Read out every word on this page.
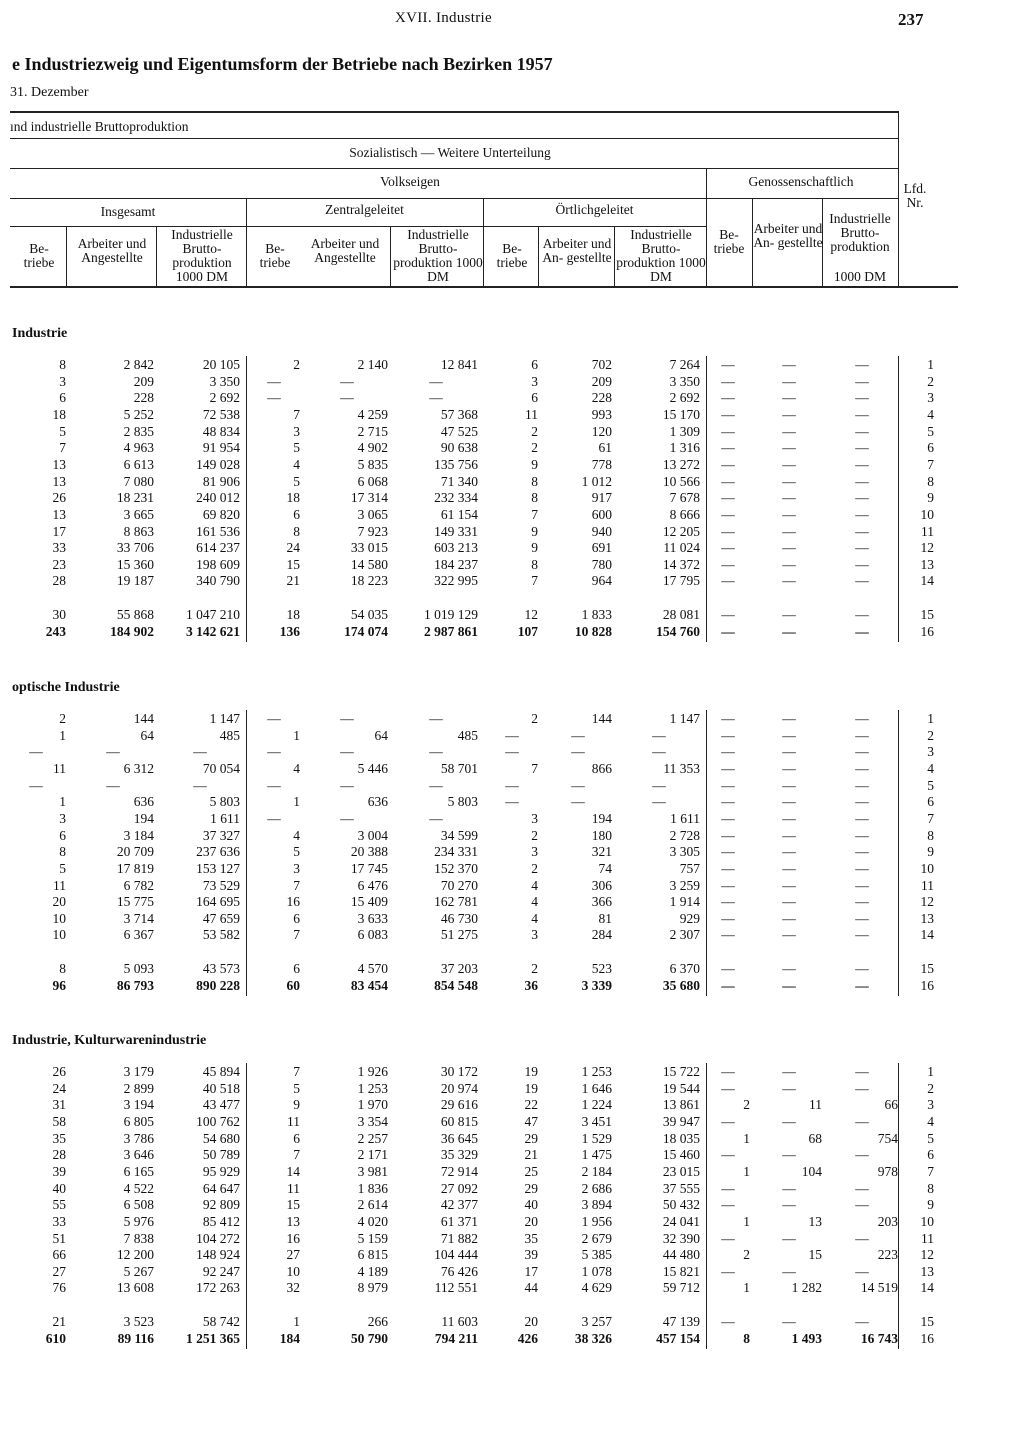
XVII. Industrie	237
e Industriezweig und Eigentumsform der Betriebe nach Bezirken 1957
31. Dezember
ınd industrielle Bruttoproduktion
Sozialistisch — Weitere Unterteilung
Volkseigen	Genossenschaftlich
Insgesamt	Zentralgeleitet	Örtlichgeleitet
Lfd. Nr.
Be- triebe
Arbeiter und Angestellte
Industrielle Brutto- produktion 1000 DM
Be- triebe
Arbeiter und Angestellte
Industrielle Brutto- produktion 1000 DM
Be- triebe
Arbeiter und An- gestellte
Industrielle Brutto- produktion 1000 DM
Be- triebe
Arbeiter und An- gestellte
Industrielle Brutto- produktion
1000 DM
Industrie
8	2 842	20 105	2	2 140	12 841	6	702	7 264	—	—	—	1
3	209	3 350	—	—	—	3	209	3 350	—	—	—	2
6	228	2 692	—	—	—	6	228	2 692	—	—	—	3
18	5 252	72 538	7	4 259	57 368	11	993	15 170	—	—	—	4
5	2 835	48 834	3	2 715	47 525	2	120	1 309	—	—	—	5
7	4 963	91 954	5	4 902	90 638	2	61	1 316	—	—	—	6
13	6 613	149 028	4	5 835	135 756	9	778	13 272	—	—	—	7
13	7 080	81 906	5	6 068	71 340	8	1 012	10 566	—	—	—	8
26	18 231	240 012	18	17 314	232 334	8	917	7 678	—	—	—	9
13	3 665	69 820	6	3 065	61 154	7	600	8 666	—	—	—	10
17	8 863	161 536	8	7 923	149 331	9	940	12 205	—	—	—	11
33	33 706	614 237	24	33 015	603 213	9	691	11 024	—	—	—	12
23	15 360	198 609	15	14 580	184 237	8	780	14 372	—	—	—	13
28	19 187	340 790	21	18 223	322 995	7	964	17 795	—	—	—	14
30	55 868	1 047 210	18	54 035	1 019 129	12	1 833	28 081	—	—	—	15
243	184 902	3 142 621	136	174 074	2 987 861	107	10 828	154 760	—	—	—	16
optische Industrie
2	144	1 147	—	—	—	2	144	1 147	—	—	—	1
1	64	485	1	64	485	—	—	—	—	—	—	2
—	—	—	—	—	—	—	—	—	—	—	—	3
11	6 312	70 054	4	5 446	58 701	7	866	11 353	—	—	—	4
—	—	—	—	—	—	—	—	—	—	—	—	5
1	636	5 803	1	636	5 803	—	—	—	—	—	—	6
3	194	1 611	—	—	—	3	194	1 611	—	—	—	7
6	3 184	37 327	4	3 004	34 599	2	180	2 728	—	—	—	8
8	20 709	237 636	5	20 388	234 331	3	321	3 305	—	—	—	9
5	17 819	153 127	3	17 745	152 370	2	74	757	—	—	—	10
11	6 782	73 529	7	6 476	70 270	4	306	3 259	—	—	—	11
20	15 775	164 695	16	15 409	162 781	4	366	1 914	—	—	—	12
10	3 714	47 659	6	3 633	46 730	4	81	929	—	—	—	13
10	6 367	53 582	7	6 083	51 275	3	284	2 307	—	—	—	14
8	5 093	43 573	6	4 570	37 203	2	523	6 370	—	—	—	15
96	86 793	890 228	60	83 454	854 548	36	3 339	35 680	—	—	—	16
Industrie, Kulturwarenindustrie
26	3 179	45 894	7	1 926	30 172	19	1 253	15 722	—	—	—	1
24	2 899	40 518	5	1 253	20 974	19	1 646	19 544	—	—	—	2
31	3 194	43 477	9	1 970	29 616	22	1 224	13 861	2	11	66	3
58	6 805	100 762	11	3 354	60 815	47	3 451	39 947	—	—	—	4
35	3 786	54 680	6	2 257	36 645	29	1 529	18 035	1	68	754	5
28	3 646	50 789	7	2 171	35 329	21	1 475	15 460	—	—	—	6
39	6 165	95 929	14	3 981	72 914	25	2 184	23 015	1	104	978	7
40	4 522	64 647	11	1 836	27 092	29	2 686	37 555	—	—	—	8
55	6 508	92 809	15	2 614	42 377	40	3 894	50 432	—	—	—	9
33	5 976	85 412	13	4 020	61 371	20	1 956	24 041	1	13	203	10
51	7 838	104 272	16	5 159	71 882	35	2 679	32 390	—	—	—	11
66	12 200	148 924	27	6 815	104 444	39	5 385	44 480	2	15	223	12
27	5 267	92 247	10	4 189	76 426	17	1 078	15 821	—	—	—	13
76	13 608	172 263	32	8 979	112 551	44	4 629	59 712	1	1 282	14 519	14
21	3 523	58 742	1	266	11 603	20	3 257	47 139	—	—	—	15
610	89 116	1 251 365	184	50 790	794 211	426	38 326	457 154	8	1 493	16 743	16
